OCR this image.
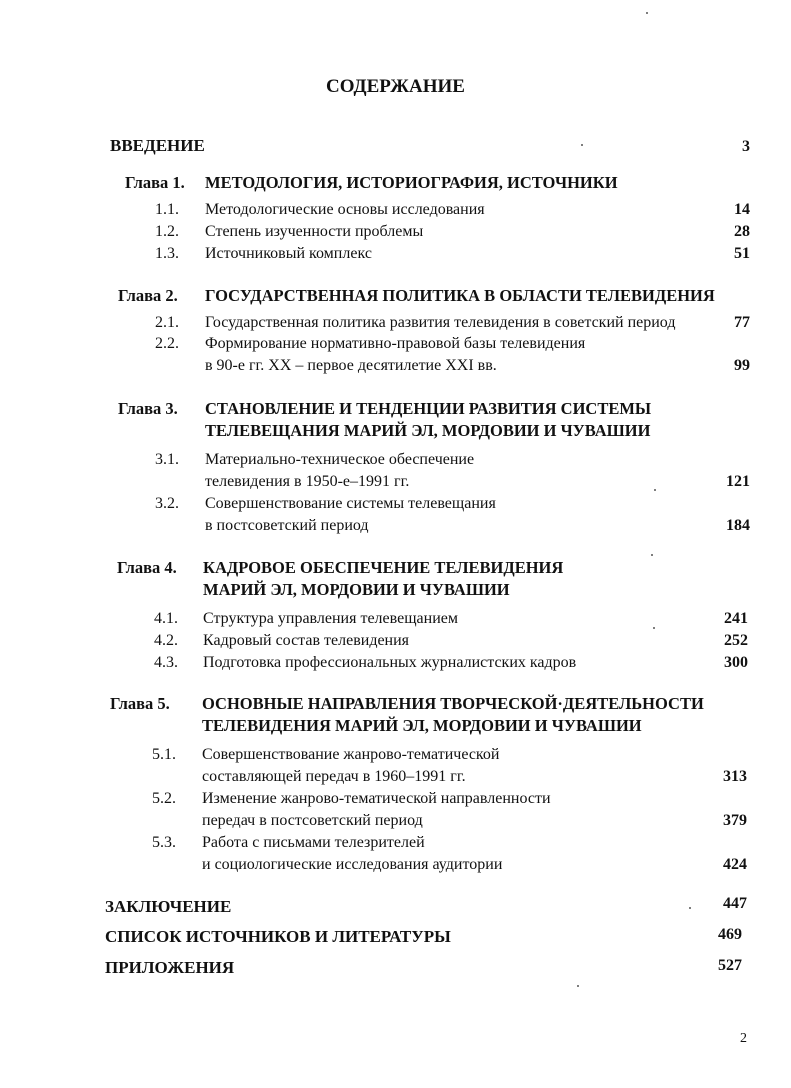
СОДЕРЖАНИЕ
ВВЕДЕНИЕ	3
Глава 1. МЕТОДОЛОГИЯ, ИСТОРИОГРАФИЯ, ИСТОЧНИКИ
1.1. Методологические основы исследования	14
1.2. Степень изученности проблемы	28
1.3. Источниковый комплекс	51
Глава 2. ГОСУДАРСТВЕННАЯ ПОЛИТИКА В ОБЛАСТИ ТЕЛЕВИДЕНИЯ
2.1. Государственная политика развития телевидения в советский период	77
2.2. Формирование нормативно-правовой базы телевидения
в 90-е гг. XX – первое десятилетие XXI вв.	99
Глава 3. СТАНОВЛЕНИЕ И ТЕНДЕНЦИИ РАЗВИТИЯ СИСТЕМЫ
ТЕЛЕВЕЩАНИЯ МАРИЙ ЭЛ, МОРДОВИИ И ЧУВАШИИ
3.1. Материально-техническое обеспечение
телевидения в 1950-е–1991 гг.	121
3.2. Совершенствование системы телевещания
в постсоветский период	184
Глава 4. КАДРОВОЕ ОБЕСПЕЧЕНИЕ ТЕЛЕВИДЕНИЯ
МАРИЙ ЭЛ, МОРДОВИИ И ЧУВАШИИ
4.1. Структура управления телевещанием	241
4.2. Кадровый состав телевидения	252
4.3. Подготовка профессиональных журналистских кадров	300
Глава 5. ОСНОВНЫЕ НАПРАВЛЕНИЯ ТВОРЧЕСКОЙ·ДЕЯТЕЛЬНОСТИ
ТЕЛЕВИДЕНИЯ МАРИЙ ЭЛ, МОРДОВИИ И ЧУВАШИИ
5.1. Совершенствование жанрово-тематической
составляющей передач в 1960–1991 гг.	313
5.2. Изменение жанрово-тематической направленности
передач в постсоветский период	379
5.3. Работа с письмами телезрителей
и социологические исследования аудитории	424
ЗАКЛЮЧЕНИЕ	447
СПИСОК ИСТОЧНИКОВ И ЛИТЕРАТУРЫ	469
ПРИЛОЖЕНИЯ	527
2
